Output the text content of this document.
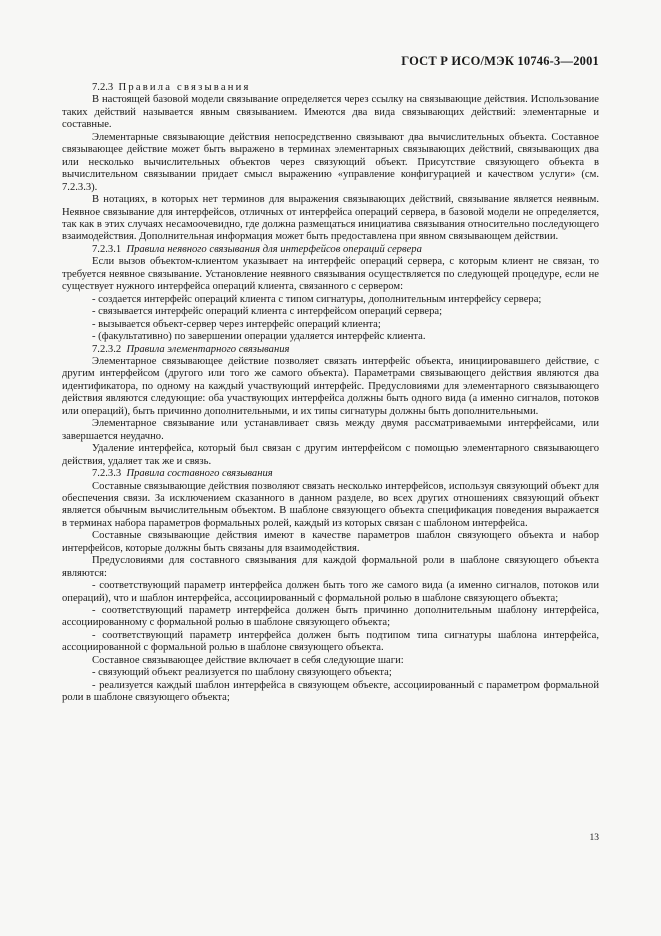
ГОСТ Р ИСО/МЭК 10746-3—2001

7.2.3 Правила связывания

В настоящей базовой модели связывание определяется через ссылку на связывающие действия. Использование таких действий называется явным связыванием. Имеются два вида связывающих действий: элементарные и составные.

Элементарные связывающие действия непосредственно связывают два вычислительных объекта. Составное связывающее действие может быть выражено в терминах элементарных связывающих действий, связывающих два или несколько вычислительных объектов через связующий объект. Присутствие связующего объекта в вычислительном связывании придает смысл выражению «управление конфигурацией и качеством услуги» (см. 7.2.3.3).

В нотациях, в которых нет терминов для выражения связывающих действий, связывание является неявным. Неявное связывание для интерфейсов, отличных от интерфейса операций сервера, в базовой модели не определяется, так как в этих случаях несамоочевидно, где должна размещаться инициатива связывания относительно последующего взаимодействия. Дополнительная информация может быть предоставлена при явном связывающем действии.

7.2.3.1 Правила неявного связывания для интерфейсов операций сервера

Если вызов объектом-клиентом указывает на интерфейс операций сервера, с которым клиент не связан, то требуется неявное связывание. Установление неявного связывания осуществляется по следующей процедуре, если не существует нужного интерфейса операций клиента, связанного с сервером:

- создается интерфейс операций клиента с типом сигнатуры, дополнительным интерфейсу сервера;

- связывается интерфейс операций клиента с интерфейсом операций сервера;

- вызывается объект-сервер через интерфейс операций клиента;

- (факультативно) по завершении операции удаляется интерфейс клиента.

7.2.3.2 Правила элементарного связывания

Элементарное связывающее действие позволяет связать интерфейс объекта, инициировавшего действие, с другим интерфейсом (другого или того же самого объекта). Параметрами связывающего действия являются два идентификатора, по одному на каждый участвующий интерфейс. Предусловиями для элементарного связывающего действия являются следующие: оба участвующих интерфейса должны быть одного вида (а именно сигналов, потоков или операций), быть причинно дополнительными, и их типы сигнатуры должны быть дополнительными.

Элементарное связывание или устанавливает связь между двумя рассматриваемыми интерфейсами, или завершается неудачно.

Удаление интерфейса, который был связан с другим интерфейсом с помощью элементарного связывающего действия, удаляет так же и связь.

7.2.3.3 Правила составного связывания

Составные связывающие действия позволяют связать несколько интерфейсов, используя связующий объект для обеспечения связи. За исключением сказанного в данном разделе, во всех других отношениях связующий объект является обычным вычислительным объектом. В шаблоне связующего объекта спецификация поведения выражается в терминах набора параметров формальных ролей, каждый из которых связан с шаблоном интерфейса.

Составные связывающие действия имеют в качестве параметров шаблон связующего объекта и набор интерфейсов, которые должны быть связаны для взаимодействия.

Предусловиями для составного связывания для каждой формальной роли в шаблоне связующего объекта являются:

- соответствующий параметр интерфейса должен быть того же самого вида (а именно сигналов, потоков или операций), что и шаблон интерфейса, ассоциированный с формальной ролью в шаблоне связующего объекта;

- соответствующий параметр интерфейса должен быть причинно дополнительным шаблону интерфейса, ассоциированному с формальной ролью в шаблоне связующего объекта;

- соответствующий параметр интерфейса должен быть подтипом типа сигнатуры шаблона интерфейса, ассоциированной с формальной ролью в шаблоне связующего объекта.

Составное связывающее действие включает в себя следующие шаги:

- связующий объект реализуется по шаблону связующего объекта;

- реализуется каждый шаблон интерфейса в связующем объекте, ассоциированный с параметром формальной роли в шаблоне связующего объекта;

13
